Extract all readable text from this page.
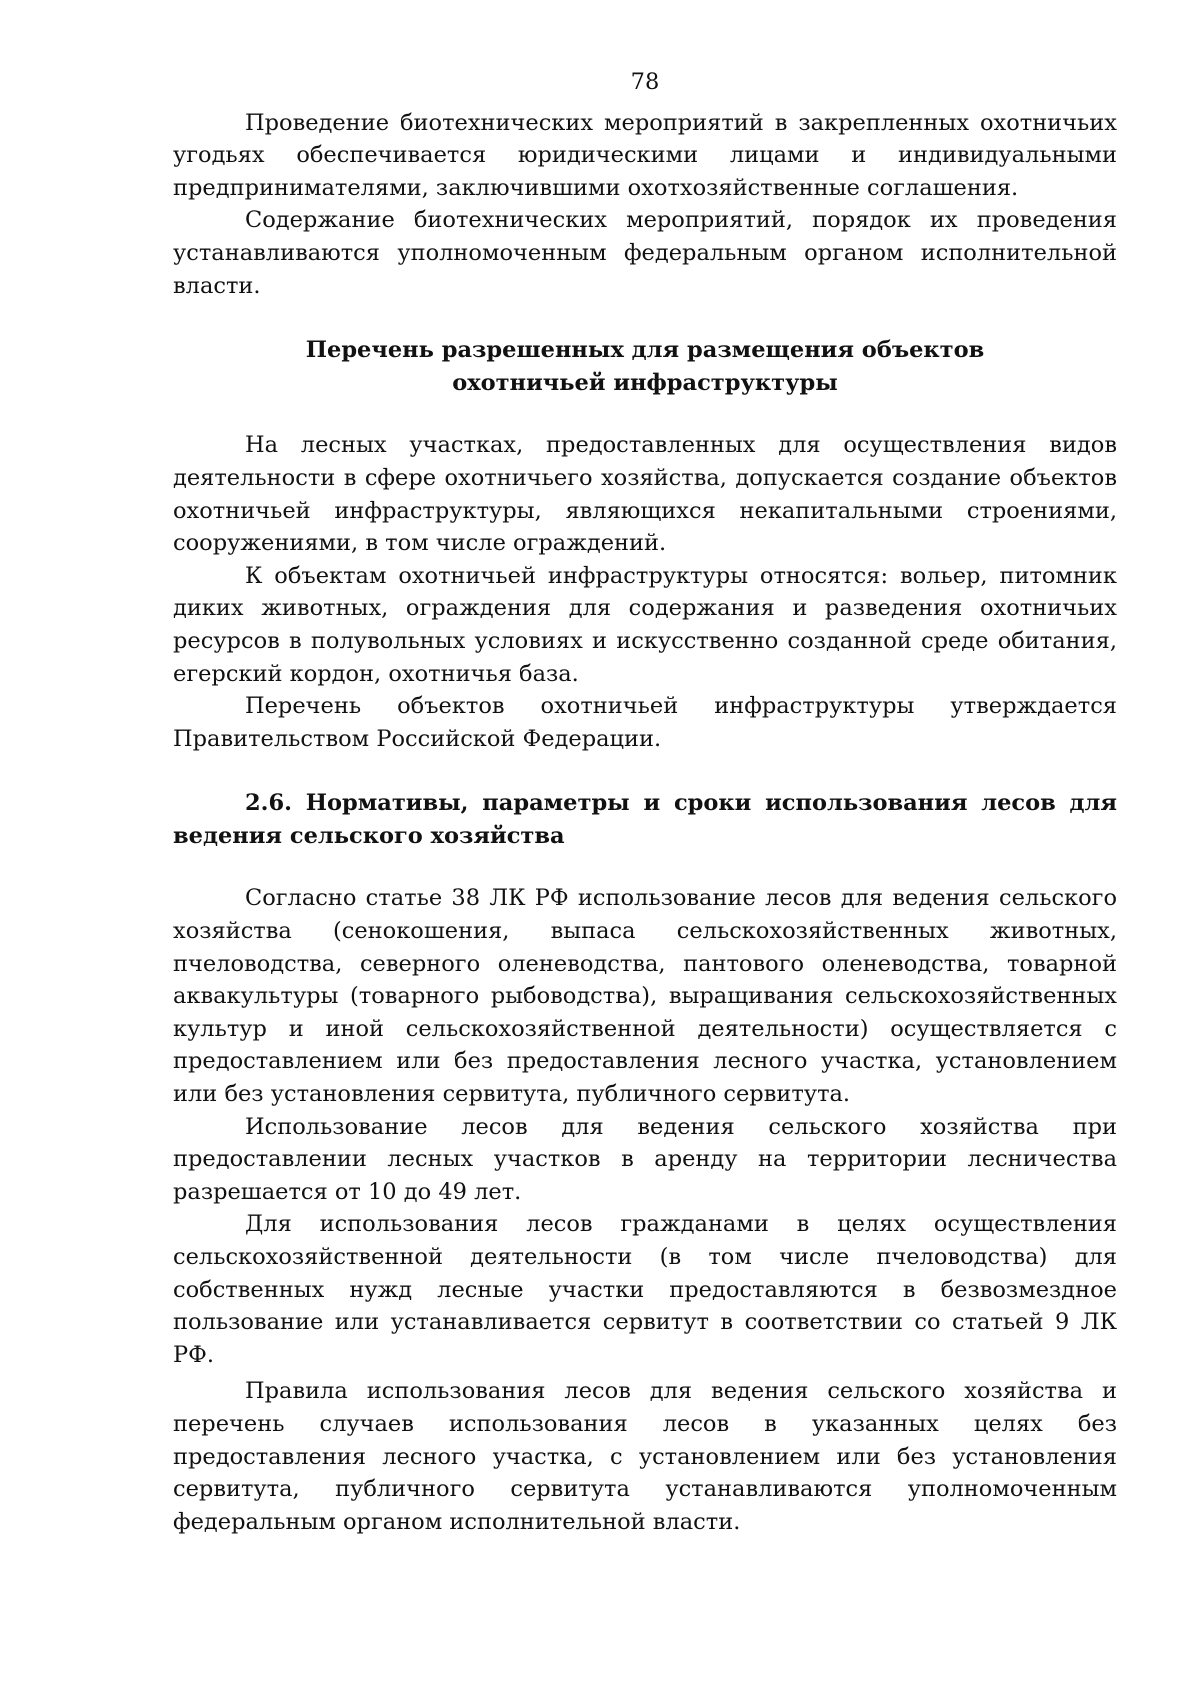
78

Проведение биотехнических мероприятий в закрепленных охотничьих угодьях обеспечивается юридическими лицами и индивидуальными предпринимателями, заключившими охотхозяйственные соглашения.

Содержание биотехнических мероприятий, порядок их проведения устанавливаются уполномоченным федеральным органом исполнительной власти.

Перечень разрешенных для размещения объектов
охотничьей инфраструктуры

На лесных участках, предоставленных для осуществления видов деятельности в сфере охотничьего хозяйства, допускается создание объектов охотничьей инфраструктуры, являющихся некапитальными строениями, сооружениями, в том числе ограждений.

К объектам охотничьей инфраструктуры относятся: вольер, питомник диких животных, ограждения для содержания и разведения охотничьих ресурсов в полувольных условиях и искусственно созданной среде обитания, егерский кордон, охотничья база.

Перечень объектов охотничьей инфраструктуры утверждается Правительством Российской Федерации.

2.6. Нормативы, параметры и сроки использования лесов для ведения сельского хозяйства

Согласно статье 38 ЛК РФ использование лесов для ведения сельского хозяйства (сенокошения, выпаса сельскохозяйственных животных, пчеловодства, северного оленеводства, пантового оленеводства, товарной аквакультуры (товарного рыбоводства), выращивания сельскохозяйственных культур и иной сельскохозяйственной деятельности) осуществляется с предоставлением или без предоставления лесного участка, установлением или без установления сервитута, публичного сервитута.

Использование лесов для ведения сельского хозяйства при предоставлении лесных участков в аренду на территории лесничества разрешается от 10 до 49 лет.

Для использования лесов гражданами в целях осуществления сельскохозяйственной деятельности (в том числе пчеловодства) для собственных нужд лесные участки предоставляются в безвозмездное пользование или устанавливается сервитут в соответствии со статьей 9 ЛК РФ.

Правила использования лесов для ведения сельского хозяйства и перечень случаев использования лесов в указанных целях без предоставления лесного участка, с установлением или без установления сервитута, публичного сервитута устанавливаются уполномоченным федеральным органом исполнительной власти.
